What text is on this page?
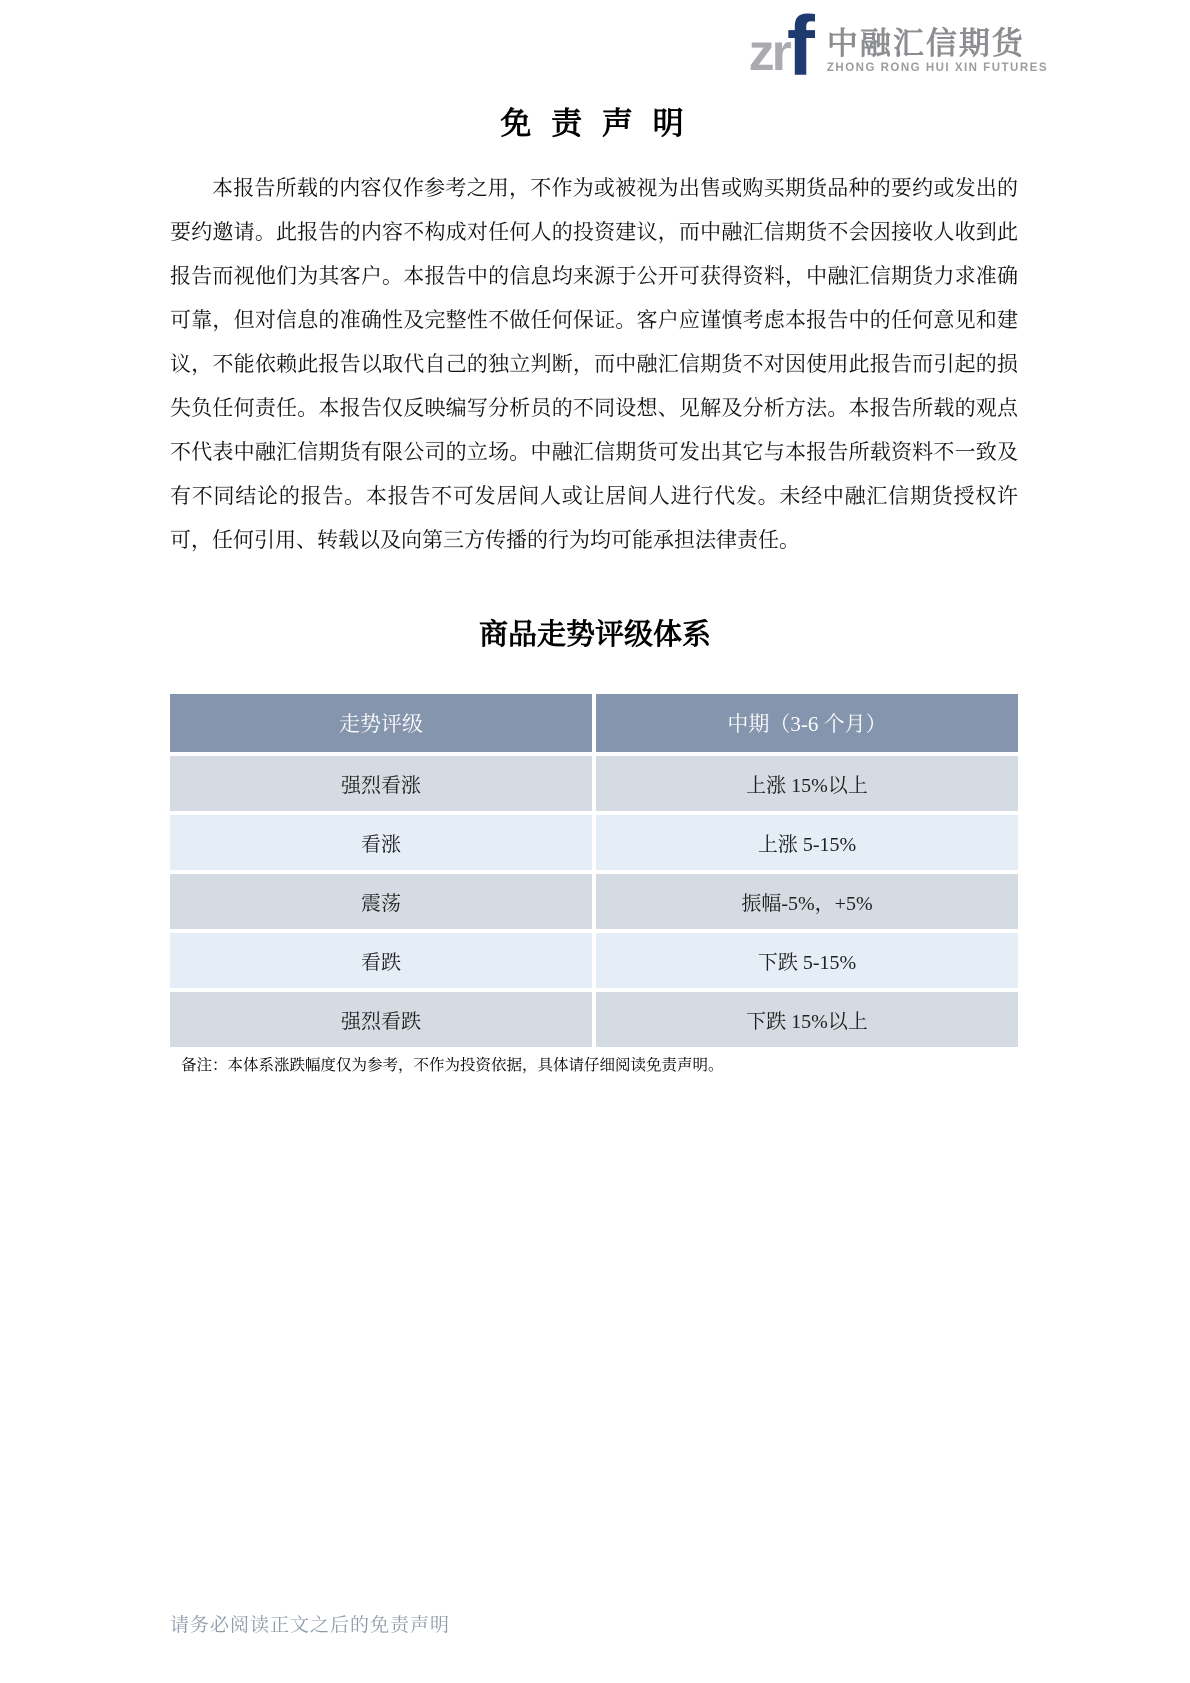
zr
f 中融汇信期货
ZHONG RONG HUI XIN FUTURES
免 责 声 明

本报告所载的内容仅作参考之用，不作为或被视为出售或购买期货品种的要约或发出的要约邀请。此报告的内容不构成对任何人的投资建议，而中融汇信期货不会因接收人收到此报告而视他们为其客户。本报告中的信息均来源于公开可获得资料，中融汇信期货力求准确可靠，但对信息的准确性及完整性不做任何保证。客户应谨慎考虑本报告中的任何意见和建议，不能依赖此报告以取代自己的独立判断，而中融汇信期货不对因使用此报告而引起的损失负任何责任。本报告仅反映编写分析员的不同设想、见解及分析方法。本报告所载的观点不代表中融汇信期货有限公司的立场。中融汇信期货可发出其它与本报告所载资料不一致及有不同结论的报告。本报告不可发居间人或让居间人进行代发。未经中融汇信期货授权许可，任何引用、转载以及向第三方传播的行为均可能承担法律责任。

商品走势评级体系
走势评级	中期（3-6 个月）
强烈看涨	上涨 15%以上
看涨	上涨 5-15%
震荡	振幅-5%，+5%
看跌	下跌 5-15%
强烈看跌	下跌 15%以上

备注：本体系涨跌幅度仅为参考，不作为投资依据，具体请仔细阅读免责声明。

请务必阅读正文之后的免责声明
